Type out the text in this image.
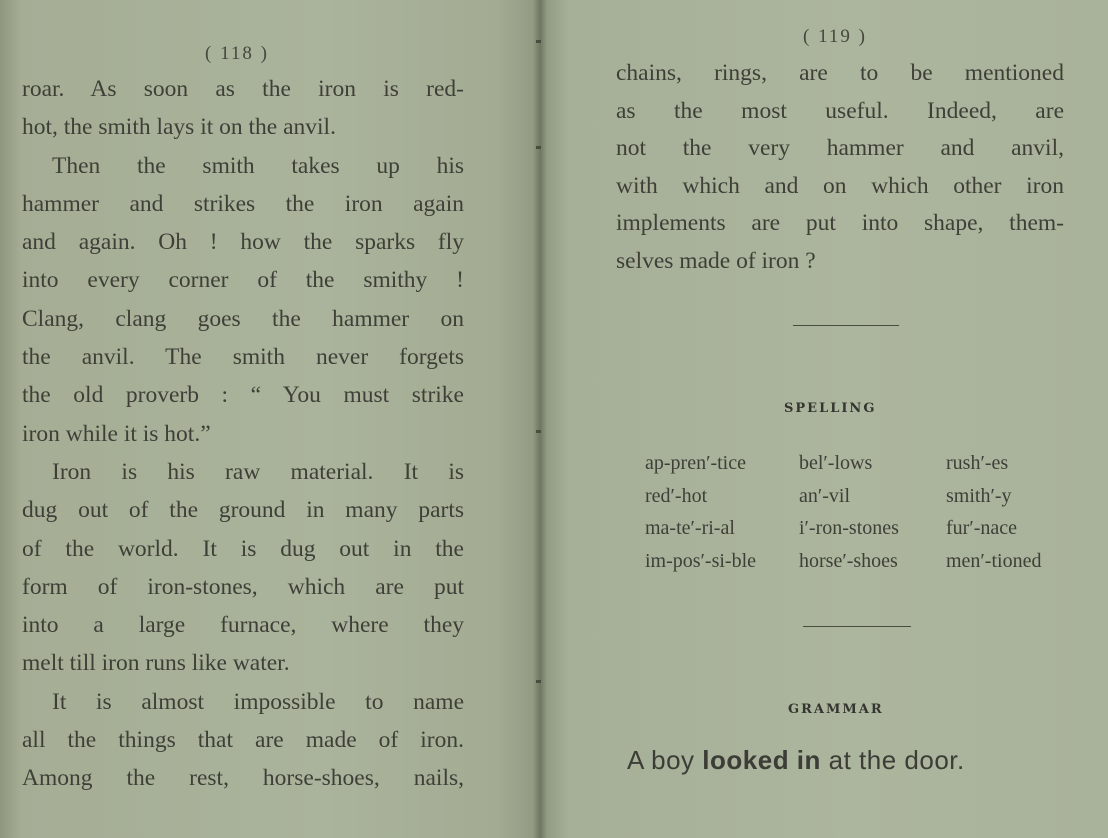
( 118 )
roar. As soon as the iron is red-
hot, the smith lays it on the anvil.
Then the smith takes up his
hammer and strikes the iron again
and again. Oh ! how the sparks fly
into every corner of the smithy !
Clang, clang goes the hammer on
the anvil. The smith never forgets
the old proverb : “ You must strike
iron while it is hot.”
Iron is his raw material. It is
dug out of the ground in many parts
of the world. It is dug out in the
form of iron-stones, which are put
into a large furnace, where they
melt till iron runs like water.
It is almost impossible to name
all the things that are made of iron.
Among the rest, horse-shoes, nails,
( 119 )
chains, rings, are to be mentioned
as the most useful. Indeed, are
not the very hammer and anvil,
with which and on which other iron
implements are put into shape, them-
selves made of iron ?
SPELLING
ap-pren′-tice
red′-hot
ma-te′-ri-al
im-pos′-si-ble
bel′-lows
an′-vil
i′-ron-stones
horse′-shoes
rush′-es
smith′-y
fur′-nace
men′-tioned
GRAMMAR
A boy looked in at the door.
